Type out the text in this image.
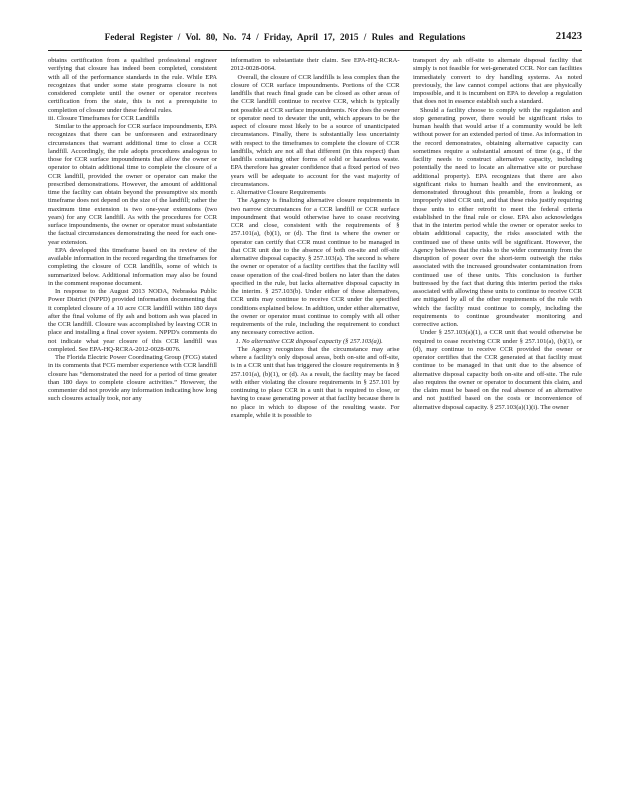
Federal Register / Vol. 80, No. 74 / Friday, April 17, 2015 / Rules and Regulations	21423

obtains certification from a qualified professional engineer verifying that closure has indeed been completed, consistent with all of the performance standards in the rule. While EPA recognizes that under some state programs closure is not considered complete until the owner or operator receives certification from the state, this is not a prerequisite to completion of closure under these federal rules.

iii. Closure Timeframes for CCR Landfills

Similar to the approach for CCR surface impoundments, EPA recognizes that there can be unforeseen and extraordinary circumstances that warrant additional time to close a CCR landfill. Accordingly, the rule adopts procedures analogous to those for CCR surface impoundments that allow the owner or operator to obtain additional time to complete the closure of a CCR landfill, provided the owner or operator can make the prescribed demonstrations. However, the amount of additional time the facility can obtain beyond the presumptive six month timeframe does not depend on the size of the landfill; rather the maximum time extension is two one-year extensions (two years) for any CCR landfill. As with the procedures for CCR surface impoundments, the owner or operator must substantiate the factual circumstances demonstrating the need for each one-year extension.

EPA developed this timeframe based on its review of the available information in the record regarding the timeframes for completing the closure of CCR landfills, some of which is summarized below. Additional information may also be found in the comment response document.

In response to the August 2013 NODA, Nebraska Public Power District (NPPD) provided information documenting that it completed closure of a 10 acre CCR landfill within 180 days after the final volume of fly ash and bottom ash was placed in the CCR landfill. Closure was accomplished by leaving CCR in place and installing a final cover system. NPPD's comments do not indicate what year closure of this CCR landfill was completed. See EPA-HQ-RCRA-2012-0028-0076.

The Florida Electric Power Coordinating Group (FCG) stated in its comments that FCG member experience with CCR landfill closure has “demonstrated the need for a period of time greater than 180 days to complete closure activities.” However, the commenter did not provide any information indicating how long such closures actually took, nor any

information to substantiate their claim. See EPA-HQ-RCRA-2012-0028-0064.

Overall, the closure of CCR landfills is less complex than the closure of CCR surface impoundments. Portions of the CCR landfills that reach final grade can be closed as other areas of the CCR landfill continue to receive CCR, which is typically not possible at CCR surface impoundments. Nor does the owner or operator need to dewater the unit, which appears to be the aspect of closure most likely to be a source of unanticipated circumstances. Finally, there is substantially less uncertainty with respect to the timeframes to complete the closure of CCR landfills, which are not all that different (in this respect) than landfills containing other forms of solid or hazardous waste. EPA therefore has greater confidence that a fixed period of two years will be adequate to account for the vast majority of circumstances.

c. Alternative Closure Requirements

The Agency is finalizing alternative closure requirements in two narrow circumstances for a CCR landfill or CCR surface impoundment that would otherwise have to cease receiving CCR and close, consistent with the requirements of § 257.101(a), (b)(1), or (d). The first is where the owner or operator can certify that CCR must continue to be managed in that CCR unit due to the absence of both on-site and off-site alternative disposal capacity. § 257.103(a). The second is where the owner or operator of a facility certifies that the facility will cease operation of the coal-fired boilers no later than the dates specified in the rule, but lacks alternative disposal capacity in the interim. § 257.103(b). Under either of these alternatives, CCR units may continue to receive CCR under the specified conditions explained below. In addition, under either alternative, the owner or operator must continue to comply with all other requirements of the rule, including the requirement to conduct any necessary corrective action.

1. No alternative CCR disposal capacity (§ 257.103(a)).

The Agency recognizes that the circumstance may arise where a facility's only disposal areas, both on-site and off-site, is in a CCR unit that has triggered the closure requirements in § 257.101(a), (b)(1), or (d). As a result, the facility may be faced with either violating the closure requirements in § 257.101 by continuing to place CCR in a unit that is required to close, or having to cease generating power at that facility because there is no place in which to dispose of the resulting waste. For example, while it is possible to

transport dry ash off-site to alternate disposal facility that simply is not feasible for wet-generated CCR. Nor can facilities immediately convert to dry handling systems. As noted previously, the law cannot compel actions that are physically impossible, and it is incumbent on EPA to develop a regulation that does not in essence establish such a standard.

Should a facility choose to comply with the regulation and stop generating power, there would be significant risks to human health that would arise if a community would be left without power for an extended period of time. As information in the record demonstrates, obtaining alternative capacity can sometimes require a substantial amount of time (e.g., if the facility needs to construct alternative capacity, including potentially the need to locate an alternative site or purchase additional property). EPA recognizes that there are also significant risks to human health and the environment, as demonstrated throughout this preamble, from a leaking or improperly sited CCR unit, and that these risks justify requiring those units to either retrofit to meet the federal criteria established in the final rule or close. EPA also acknowledges that in the interim period while the owner or operator seeks to obtain additional capacity, the risks associated with the continued use of these units will be significant. However, the Agency believes that the risks to the wider community from the disruption of power over the short-term outweigh the risks associated with the increased groundwater contamination from continued use of these units. This conclusion is further buttressed by the fact that during this interim period the risks associated with allowing these units to continue to receive CCR are mitigated by all of the other requirements of the rule with which the facility must continue to comply, including the requirements to continue groundwater monitoring and corrective action.

Under § 257.103(a)(1), a CCR unit that would otherwise be required to cease receiving CCR under § 257.101(a), (b)(1), or (d), may continue to receive CCR provided the owner or operator certifies that the CCR generated at that facility must continue to be managed in that unit due to the absence of alternative disposal capacity both on-site and off-site. The rule also requires the owner or operator to document this claim, and the claim must be based on the real absence of an alternative and not justified based on the costs or inconvenience of alternative disposal capacity. § 257.103(a)(1)(i). The owner
